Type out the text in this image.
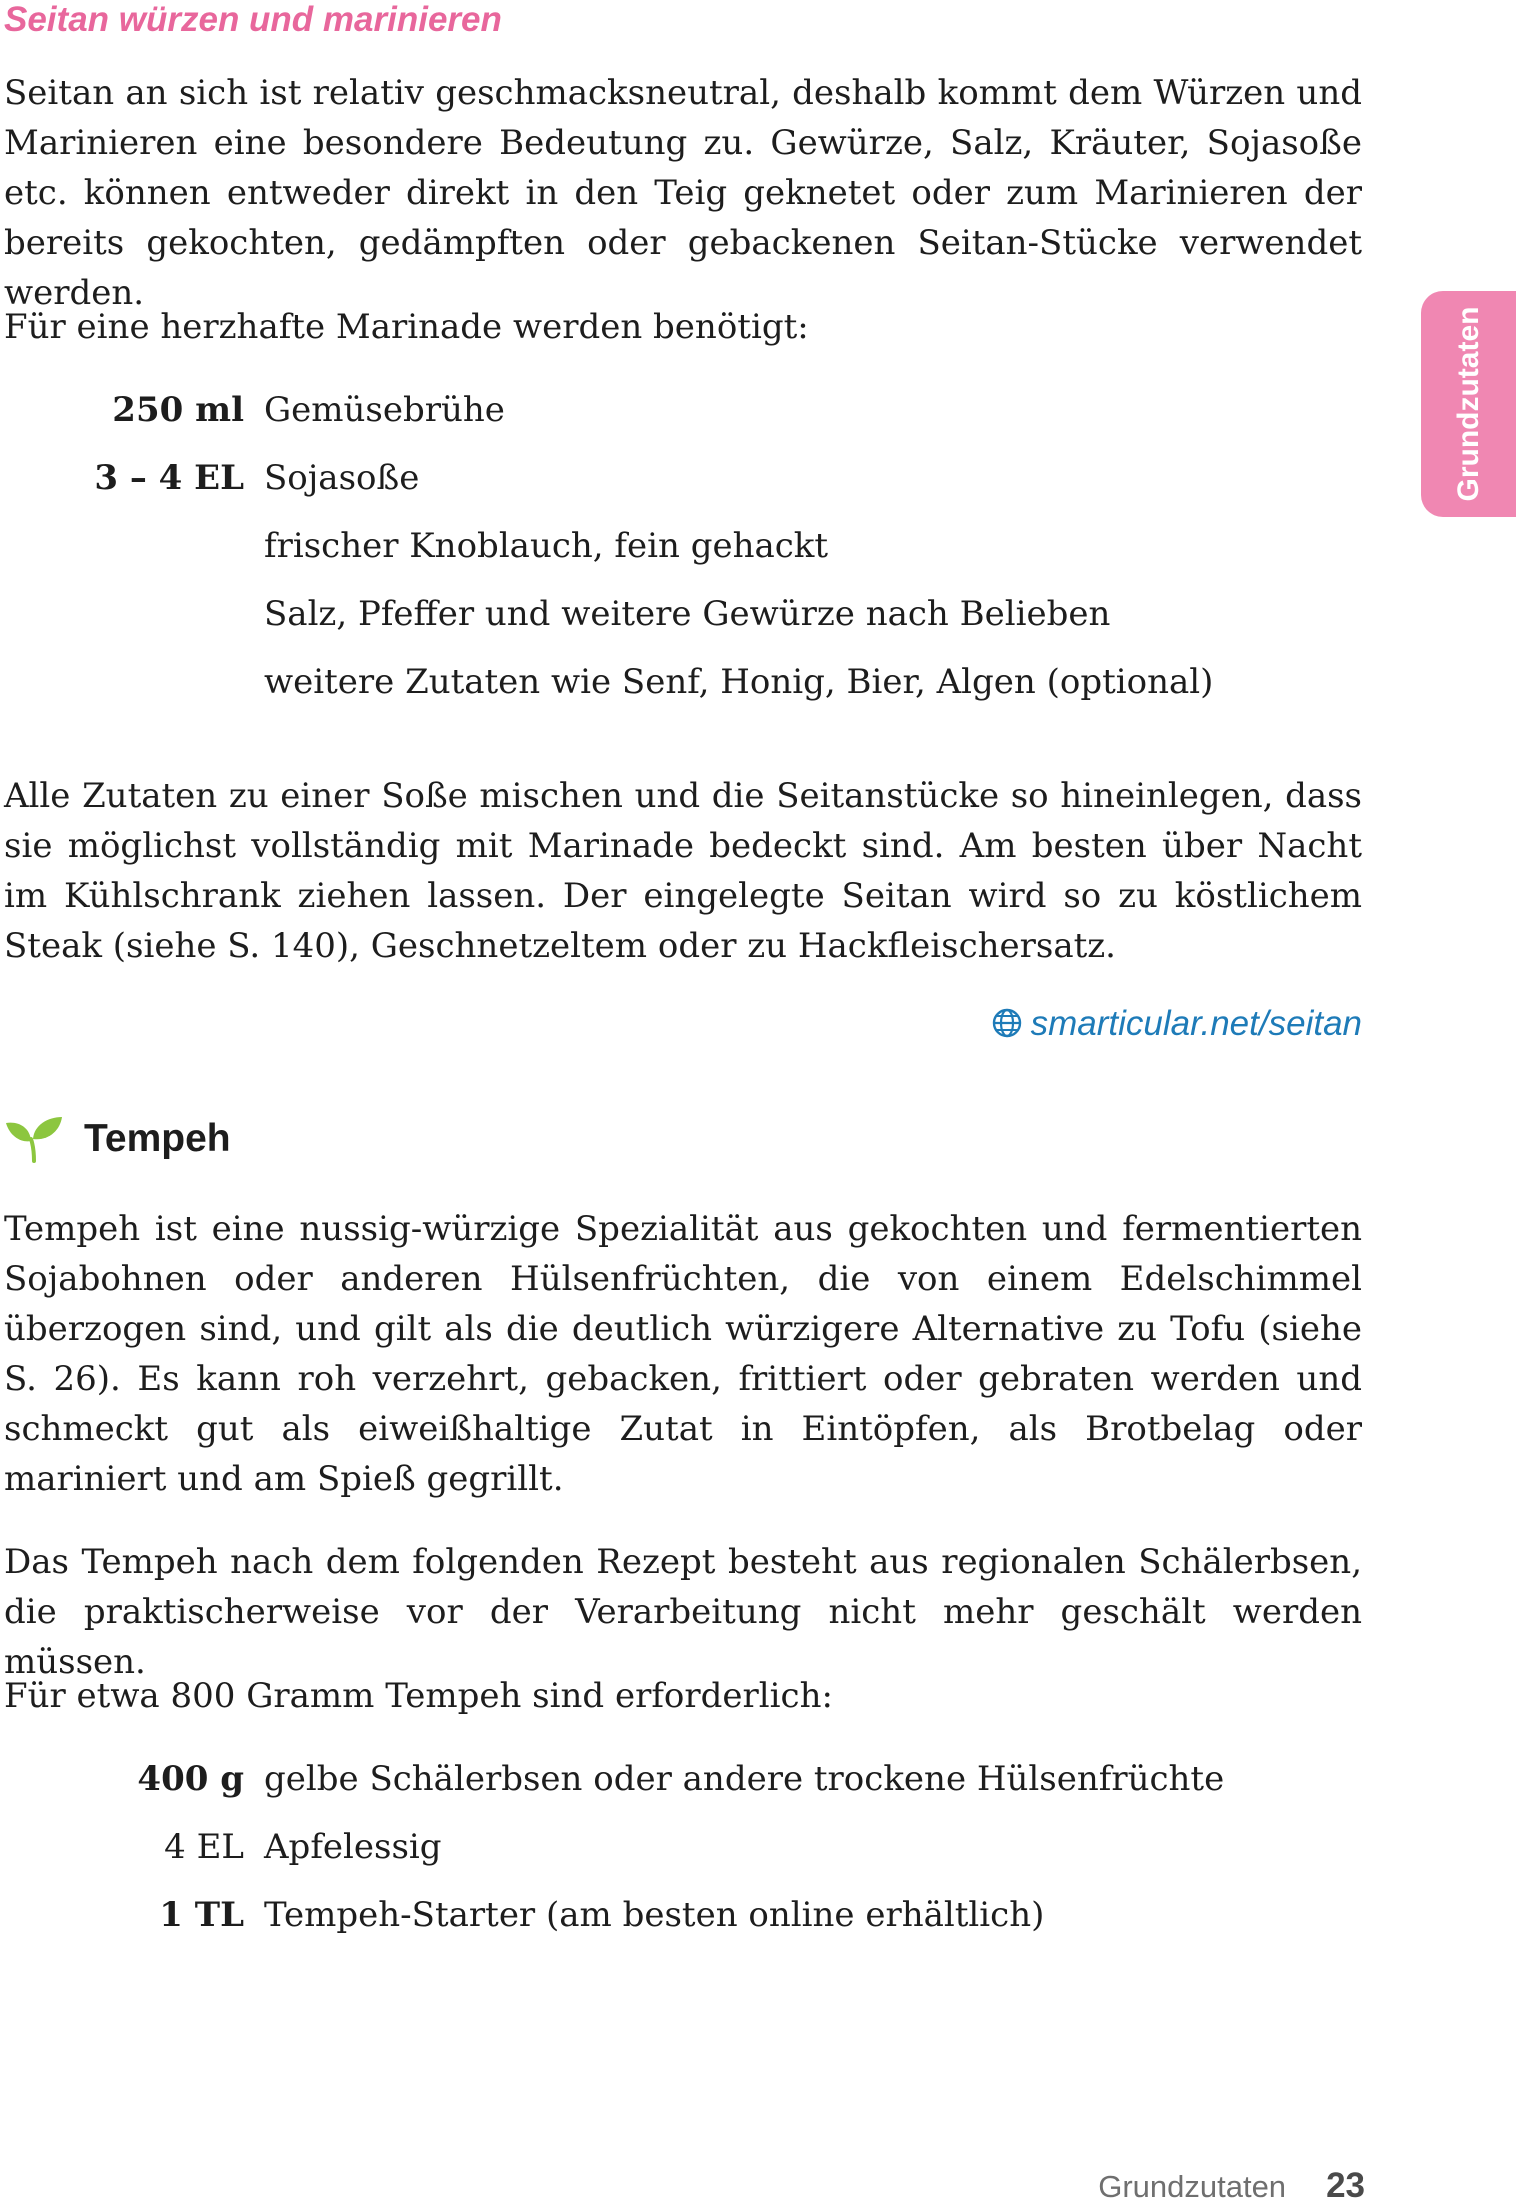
Seitan würzen und marinieren

Seitan an sich ist relativ geschmacksneutral, deshalb kommt dem Würzen und Marinieren eine besondere Bedeutung zu. Gewürze, Salz, Kräuter, Sojasoße etc. können entweder direkt in den Teig geknetet oder zum Marinieren der bereits gekochten, gedämpften oder gebackenen Seitan-Stücke verwendet werden.

Für eine herzhafte Marinade werden benötigt:

250 ml Gemüsebrühe
3 – 4 EL Sojasoße
frischer Knoblauch, fein gehackt
Salz, Pfeffer und weitere Gewürze nach Belieben
weitere Zutaten wie Senf, Honig, Bier, Algen (optional)

Alle Zutaten zu einer Soße mischen und die Seitanstücke so hineinlegen, dass sie möglichst vollständig mit Marinade bedeckt sind. Am besten über Nacht im Kühlschrank ziehen lassen. Der eingelegte Seitan wird so zu köstlichem Steak (siehe S. 140), Geschnetzeltem oder zu Hackfleischersatz.

smarticular.net/seitan
Tempeh

Tempeh ist eine nussig-würzige Spezialität aus gekochten und fermentierten Sojabohnen oder anderen Hülsenfrüchten, die von einem Edelschimmel überzogen sind, und gilt als die deutlich würzigere Alternative zu Tofu (siehe S. 26). Es kann roh verzehrt, gebacken, frittiert oder gebraten werden und schmeckt gut als eiweißhaltige Zutat in Eintöpfen, als Brotbelag oder mariniert und am Spieß gegrillt.

Das Tempeh nach dem folgenden Rezept besteht aus regionalen Schälerbsen, die praktischerweise vor der Verarbeitung nicht mehr geschält werden müssen.

Für etwa 800 Gramm Tempeh sind erforderlich:

400 g gelbe Schälerbsen oder andere trockene Hülsenfrüchte
4 EL Apfelessig
1 TL Tempeh-Starter (am besten online erhältlich)
Grundzutaten
Grundzutaten 23
